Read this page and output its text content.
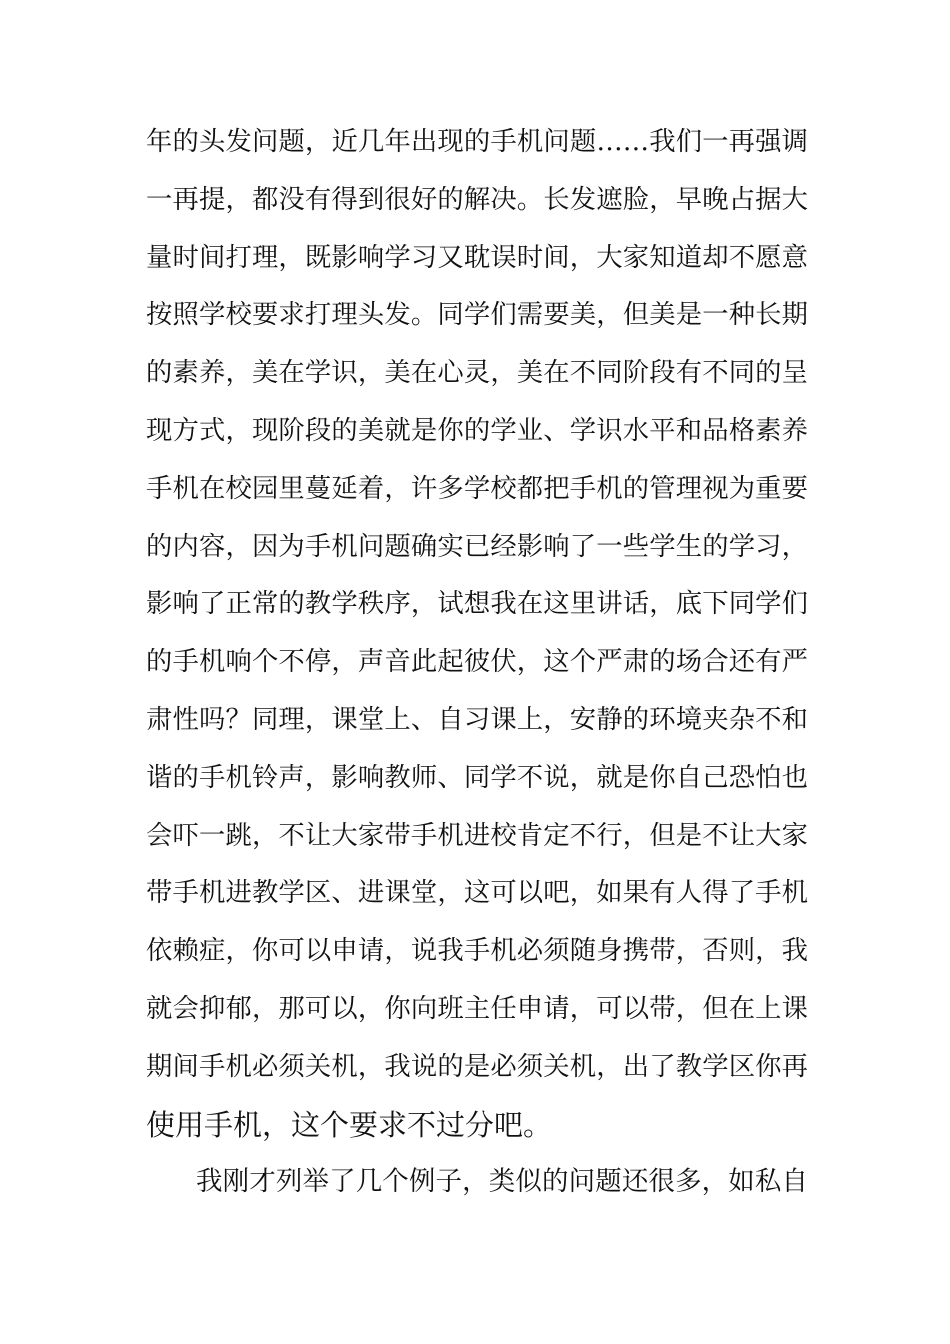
年的头发问题，近几年出现的手机问题……我们一再强调
一再提，都没有得到很好的解决。长发遮脸，早晚占据大
量时间打理，既影响学习又耽误时间，大家知道却不愿意
按照学校要求打理头发。同学们需要美，但美是一种长期
的素养，美在学识，美在心灵，美在不同阶段有不同的呈
现方式，现阶段的美就是你的学业、学识水平和品格素养
手机在校园里蔓延着，许多学校都把手机的管理视为重要
的内容，因为手机问题确实已经影响了一些学生的学习，
影响了正常的教学秩序，试想我在这里讲话，底下同学们
的手机响个不停，声音此起彼伏，这个严肃的场合还有严
肃性吗？同理，课堂上、自习课上，安静的环境夹杂不和
谐的手机铃声，影响教师、同学不说，就是你自己恐怕也
会吓一跳，不让大家带手机进校肯定不行，但是不让大家
带手机进教学区、进课堂，这可以吧，如果有人得了手机
依赖症，你可以申请，说我手机必须随身携带，否则，我
就会抑郁，那可以，你向班主任申请，可以带，但在上课
期间手机必须关机，我说的是必须关机，出了教学区你再
使用手机，这个要求不过分吧。
我刚才列举了几个例子，类似的问题还很多，如私自
